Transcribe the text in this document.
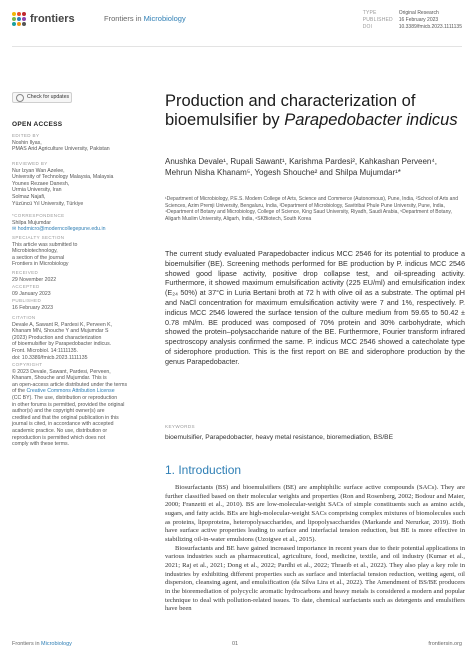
frontiers	Frontiers in Microbiology
TYPE	Original Research
PUBLISHED 16 February 2023
DOI	10.3389/fmicb.2023.1111135
Check for updates
OPEN ACCESS
EDITED BY
Noshin Ilyas,
PMAS Arid Agriculture University, Pakistan
REVIEWED BY
Nur Izyan Wan Azelee,
University of Technology Malaysia, Malaysia
Younes Rezaee Danesh,
Urmia University, Iran
Solmaz Najafi,
Yüzüncü Yıl University, Türkiye
*CORRESPONDENCE
Shilpa Mujumdar
✉ hodmicro@moderncollegepune.edu.in
SPECIALTY SECTION
This article was submitted to
Microbiotechnology,
a section of the journal
Frontiers in Microbiology
RECEIVED
29 November 2022
ACCEPTED
09 January 2023
PUBLISHED
16 February 2023
CITATION
Devale A, Sawant R, Pardesi K, Perveen K,
Khanam MN, Shouche Y and Mujumdar S
(2023) Production and characterization
of bioemulsifier by Parapedobacter indicus.
Front. Microbiol. 14:1111135.
doi: 10.3389/fmicb.2023.1111135
COPYRIGHT
© 2023 Devale, Sawant, Pardesi, Perveen,
Khanam, Shouche and Mujumdar. This is
an open-access article distributed under the terms
of the Creative Commons Attribution License
(CC BY). The use, distribution or reproduction
in other forums is permitted, provided the original
author(s) and the copyright owner(s) are
credited and that the original publication in this
journal is cited, in accordance with accepted
academic practice. No use, distribution or
reproduction is permitted which does not
comply with these terms.
Production and characterization of bioemulsifier by Parapedobacter indicus
Anushka Devale¹, Rupali Sawant¹, Karishma Pardesi², Kahkashan Perveen⁴, Mehrun Nisha Khanam⁵, Yogesh Shouche² and Shilpa Mujumdar¹*
¹Department of Microbiology, P.E.S. Modern College of Arts, Science and Commerce (Autonomous), Pune, India, ²School of Arts and Sciences, Azim Premji University, Bengaluru, India, ³Department of Microbiology, Savitribai Phule Pune University, Pune, India, ⁴Department of Botany and Microbiology, College of Science, King Saud University, Riyadh, Saudi Arabia, ⁵Department of Botany, Aligarh Muslim University, Aligarh, India, ⁶SKBiotech, South Korea
The current study evaluated Parapedobacter indicus MCC 2546 for its potential to produce a bioemulsifier (BE). Screening methods performed for BE production by P. indicus MCC 2546 showed good lipase activity, positive drop collapse test, and oil-spreading activity. Furthermore, it showed maximum emulsification activity (225 EU/ml) and emulsification index (E₂₄ 50%) at 37°C in Luria Bertani broth at 72 h with olive oil as a substrate. The optimal pH and NaCl concentration for maximum emulsification activity were 7 and 1%, respectively. P. indicus MCC 2546 lowered the surface tension of the culture medium from 59.65 to 50.42 ± 0.78 mN/m. BE produced was composed of 70% protein and 30% carbohydrate, which showed the protein–polysaccharide nature of the BE. Furthermore, Fourier transform infrared spectroscopy analysis confirmed the same. P. indicus MCC 2546 showed a catecholate type of siderophore production. This is the first report on BE and siderophore production by the genus Parapedobacter.
KEYWORDS
bioemulsifier, Parapedobacter, heavy metal resistance, bioremediation, BS/BE
1. Introduction

Biosurfactants (BS) and bioemulsifiers (BE) are amphiphilic surface active compounds (SACs). They are further classified based on their molecular weights and properties (Ron and Rosenberg, 2002; Bodour and Maier, 2000; Franzetti et al., 2010). BS are low-molecular-weight SACs of simple constituents such as amino acids, sugars, and fatty acids. BEs are high-molecular-weight SACs comprising complex mixtures of biomolecules such as proteins, lipoproteins, heteropolysaccharides, and lipopolysaccharides (Markande and Nerurkar, 2019). Both have surface active properties leading to surface and interfacial tension reduction, but BE is more effective in stabilizing oil-in-water emulsions (Uzoigwe et al., 2015).

Biosurfactants and BE have gained increased importance in recent years due to their potential applications in various industries such as pharmaceutical, agriculture, food, medicine, textile, and oil industry (Kumar et al., 2021; Raj et al., 2021; Dong et al., 2022; Pardhi et al., 2022; Thraeib et al., 2022). They also play a key role in industries by exhibiting different properties such as surface and interfacial tension reduction, wetting agent, oil dispersion, cleansing agent, and emulsification (da Silva Lira et al., 2022). The Amendment of BS/BE producers in the bioremediation of polycyclic aromatic hydrocarbons and heavy metals is considered a modern and popular technique to deal with pollution-related issues. To date, chemical surfactants such as detergents and emulsifiers have been

Frontiers in Microbiology	01	frontiersin.org
